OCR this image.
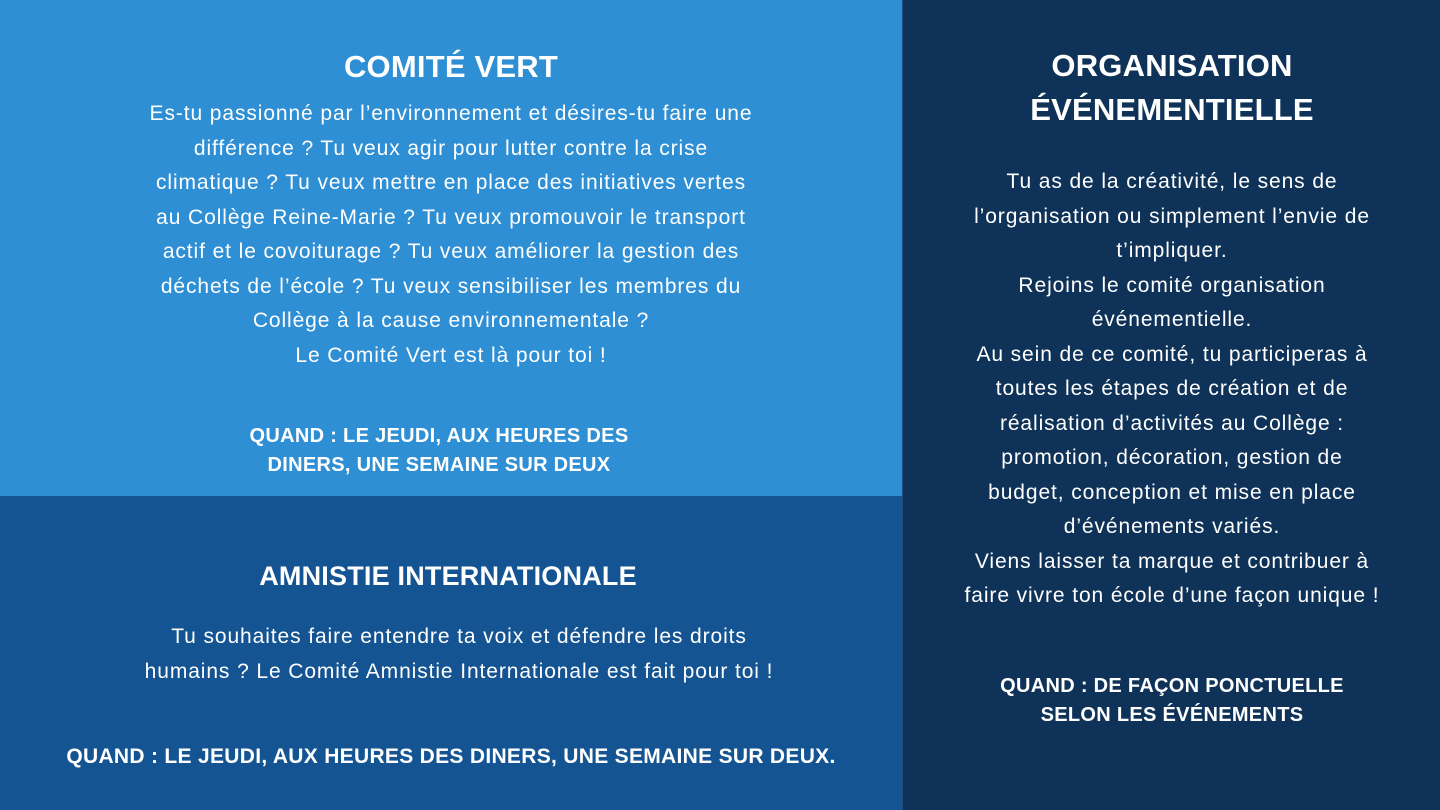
COMITÉ VERT

Es-tu passionné par l’environnement et désires-tu faire une
différence ? Tu veux agir pour lutter contre la crise
climatique ? Tu veux mettre en place des initiatives vertes
au Collège Reine-Marie ? Tu veux promouvoir le transport
actif et le covoiturage ? Tu veux améliorer la gestion des
déchets de l’école ? Tu veux sensibiliser les membres du
Collège à la cause environnementale ?
Le Comité Vert est là pour toi !

QUAND : LE JEUDI, AUX HEURES DES
DINERS, UNE SEMAINE SUR DEUX

AMNISTIE INTERNATIONALE

Tu souhaites faire entendre ta voix et défendre les droits
humains ? Le Comité Amnistie Internationale est fait pour toi !

QUAND : LE JEUDI, AUX HEURES DES DINERS, UNE SEMAINE SUR DEUX.

ORGANISATION
ÉVÉNEMENTIELLE

Tu as de la créativité, le sens de
l’organisation ou simplement l’envie de
t’impliquer.
Rejoins le comité organisation
événementielle.
Au sein de ce comité, tu participeras à
toutes les étapes de création et de
réalisation d’activités au Collège :
promotion, décoration, gestion de
budget, conception et mise en place
d’événements variés.
Viens laisser ta marque et contribuer à
faire vivre ton école d’une façon unique !

QUAND : DE FAÇON PONCTUELLE
SELON LES ÉVÉNEMENTS
